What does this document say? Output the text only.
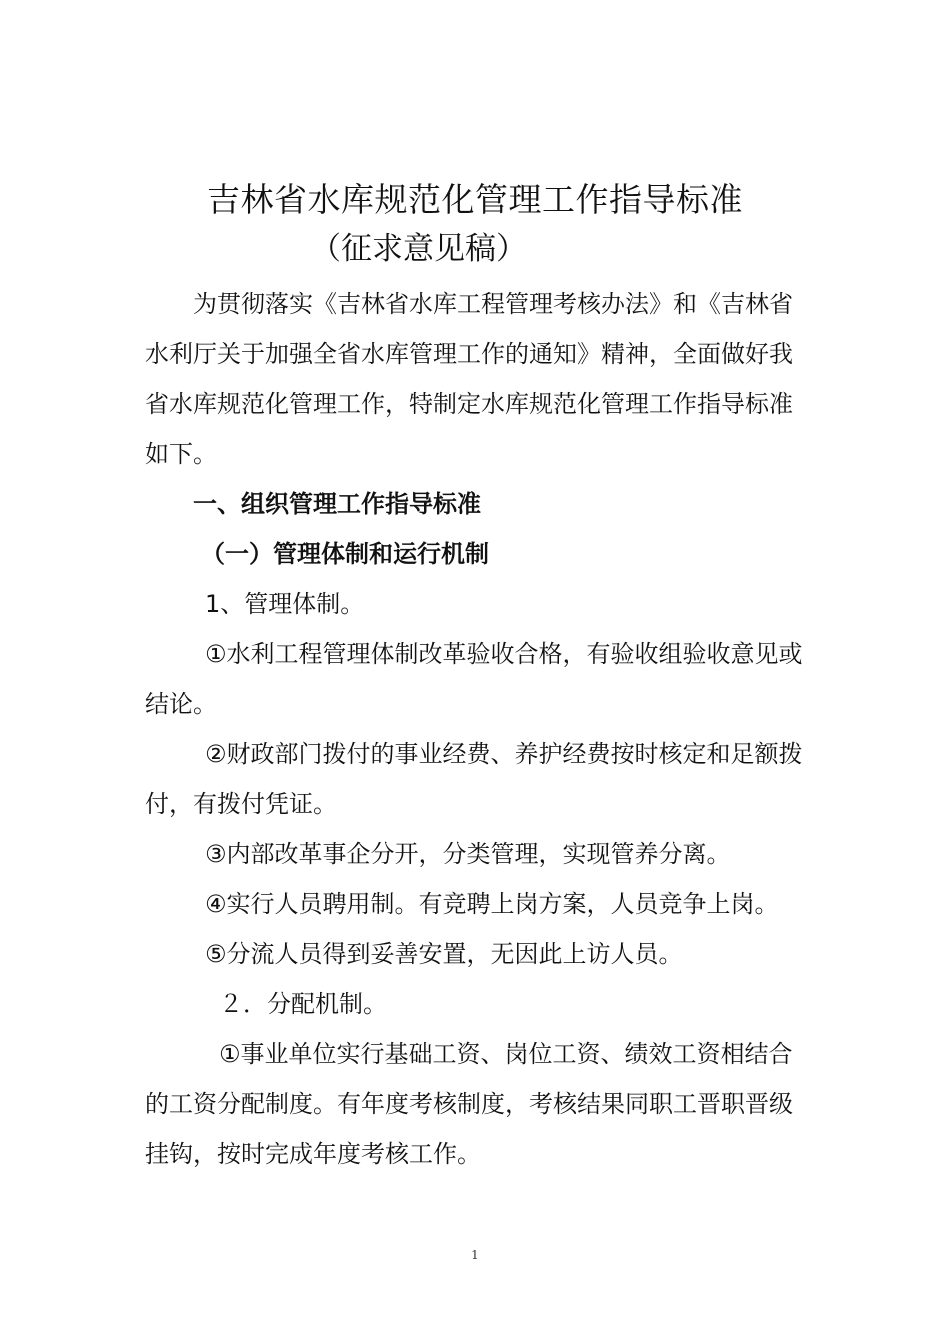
吉林省水库规范化管理工作指导标准
（征求意见稿）

为贯彻落实《吉林省水库工程管理考核办法》和《吉林省水利厅关于加强全省水库管理工作的通知》精神，全面做好我省水库规范化管理工作，特制定水库规范化管理工作指导标准如下。

一、组织管理工作指导标准

（一）管理体制和运行机制

1、管理体制。

①水利工程管理体制改革验收合格，有验收组验收意见或结论。

②财政部门拨付的事业经费、养护经费按时核定和足额拨付，有拨付凭证。

③内部改革事企分开，分类管理，实现管养分离。

④实行人员聘用制。有竞聘上岗方案，人员竞争上岗。

⑤分流人员得到妥善安置，无因此上访人员。

２．分配机制。

①事业单位实行基础工资、岗位工资、绩效工资相结合的工资分配制度。有年度考核制度，考核结果同职工晋职晋级挂钩，按时完成年度考核工作。

1
